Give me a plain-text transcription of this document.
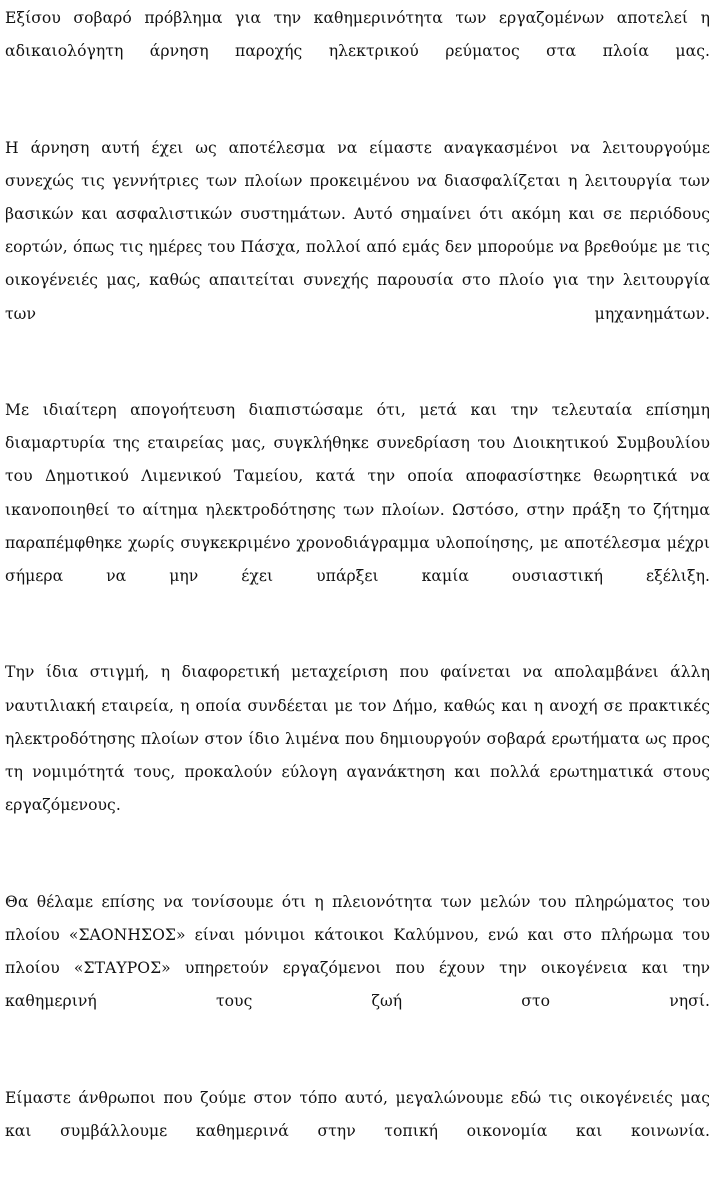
Εξίσου σοβαρό πρόβλημα για την καθημερινότητα των εργαζομένων αποτελεί η αδικαιολόγητη άρνηση παροχής ηλεκτρικού ρεύματος στα πλοία μας.

Η άρνηση αυτή έχει ως αποτέλεσμα να είμαστε αναγκασμένοι να λειτουργούμε συνεχώς τις γεννήτριες των πλοίων προκειμένου να διασφαλίζεται η λειτουργία των βασικών και ασφαλιστικών συστημάτων. Αυτό σημαίνει ότι ακόμη και σε περιόδους εορτών, όπως τις ημέρες του Πάσχα, πολλοί από εμάς δεν μπορούμε να βρεθούμε με τις οικογένειές μας, καθώς απαιτείται συνεχής παρουσία στο πλοίο για την λειτουργία των μηχανημάτων.

Με ιδιαίτερη απογοήτευση διαπιστώσαμε ότι, μετά και την τελευταία επίσημη διαμαρτυρία της εταιρείας μας, συγκλήθηκε συνεδρίαση του Διοικητικού Συμβουλίου του Δημοτικού Λιμενικού Ταμείου, κατά την οποία αποφασίστηκε θεωρητικά να ικανοποιηθεί το αίτημα ηλεκτροδότησης των πλοίων. Ωστόσο, στην πράξη το ζήτημα παραπέμφθηκε χωρίς συγκεκριμένο χρονοδιάγραμμα υλοποίησης, με αποτέλεσμα μέχρι σήμερα να μην έχει υπάρξει καμία ουσιαστική εξέλιξη.

Την ίδια στιγμή, η διαφορετική μεταχείριση που φαίνεται να απολαμβάνει άλλη ναυτιλιακή εταιρεία, η οποία συνδέεται με τον Δήμο, καθώς και η ανοχή σε πρακτικές ηλεκτροδότησης πλοίων στον ίδιο λιμένα που δημιουργούν σοβαρά ερωτήματα ως προς τη νομιμότητά τους, προκαλούν εύλογη αγανάκτηση και πολλά ερωτηματικά στους εργαζόμενους.

Θα θέλαμε επίσης να τονίσουμε ότι η πλειονότητα των μελών του πληρώματος του πλοίου «ΣΑΟΝΗΣΟΣ» είναι μόνιμοι κάτοικοι Καλύμνου, ενώ και στο πλήρωμα του πλοίου «ΣΤΑΥΡΟΣ» υπηρετούν εργαζόμενοι που έχουν την οικογένεια και την καθημερινή τους ζωή στο νησί.

Είμαστε άνθρωποι που ζούμε στον τόπο αυτό, μεγαλώνουμε εδώ τις οικογένειές μας και συμβάλλουμε καθημερινά στην τοπική οικονομία και κοινωνία.
